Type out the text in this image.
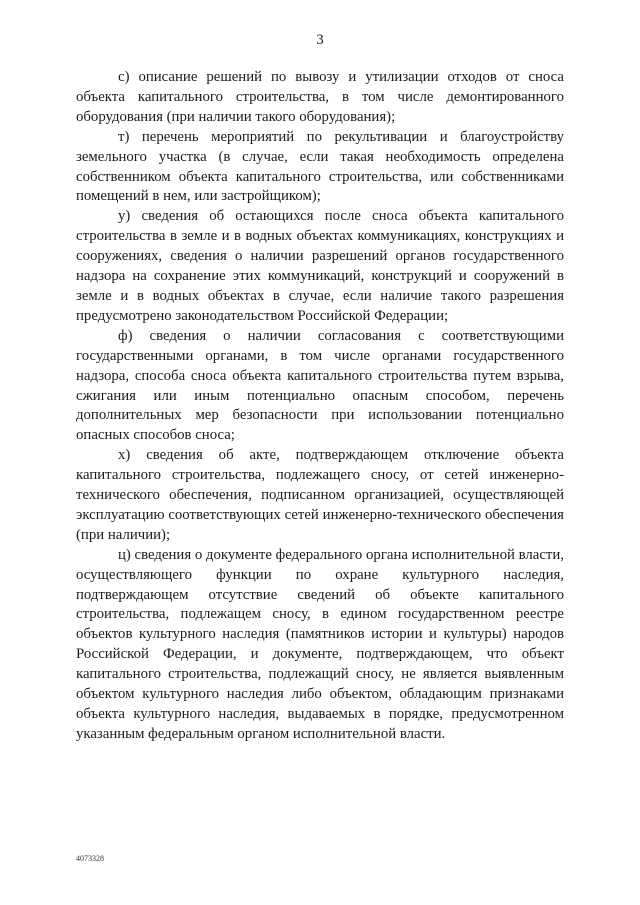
3

с) описание решений по вывозу и утилизации отходов от сноса объекта капитального строительства, в том числе демонтированного оборудования (при наличии такого оборудования);

т) перечень мероприятий по рекультивации и благоустройству земельного участка (в случае, если такая необходимость определена собственником объекта капитального строительства, или собственниками помещений в нем, или застройщиком);

у) сведения об остающихся после сноса объекта капитального строительства в земле и в водных объектах коммуникациях, конструкциях и сооружениях, сведения о наличии разрешений органов государственного надзора на сохранение этих коммуникаций, конструкций и сооружений в земле и в водных объектах в случае, если наличие такого разрешения предусмотрено законодательством Российской Федерации;

ф) сведения о наличии согласования с соответствующими государственными органами, в том числе органами государственного надзора, способа сноса объекта капитального строительства путем взрыва, сжигания или иным потенциально опасным способом, перечень дополнительных мер безопасности при использовании потенциально опасных способов сноса;

х) сведения об акте, подтверждающем отключение объекта капитального строительства, подлежащего сносу, от сетей инженерно-технического обеспечения, подписанном организацией, осуществляющей эксплуатацию соответствующих сетей инженерно-технического обеспечения (при наличии);

ц) сведения о документе федерального органа исполнительной власти, осуществляющего функции по охране культурного наследия, подтверждающем отсутствие сведений об объекте капитального строительства, подлежащем сносу, в едином государственном реестре объектов культурного наследия (памятников истории и культуры) народов Российской Федерации, и документе, подтверждающем, что объект капитального строительства, подлежащий сносу, не является выявленным объектом культурного наследия либо объектом, обладающим признаками объекта культурного наследия, выдаваемых в порядке, предусмотренном указанным федеральным органом исполнительной власти.

4073328
